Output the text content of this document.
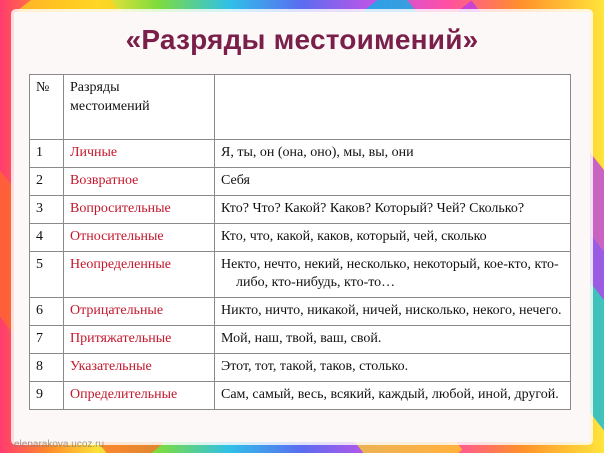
«Разряды местоимений»
№	Разряды
местоимений	
1	Личные	Я, ты, он (она, оно), мы, вы, они
2	Возвратное	Себя
3	Вопросительные	Кто? Что? Какой? Каков? Который? Чей? Сколько?
4	Относительные	Кто, что, какой, каков, который, чей, сколько
5	Неопределенные	Некто, нечто, некий, несколько, некоторый, кое-кто, кто-либо, кто-нибудь, кто-то…
6	Отрицательные	Никто, ничто, никакой, ничей, нисколько, некого, нечего.
7	Притяжательные	Мой, наш, твой, ваш, свой.
8	Указательные	Этот, тот, такой, таков, столько.
9	Определительные	Сам, самый, весь, всякий, каждый, любой, иной, другой.
elenarakova.ucoz.ru
